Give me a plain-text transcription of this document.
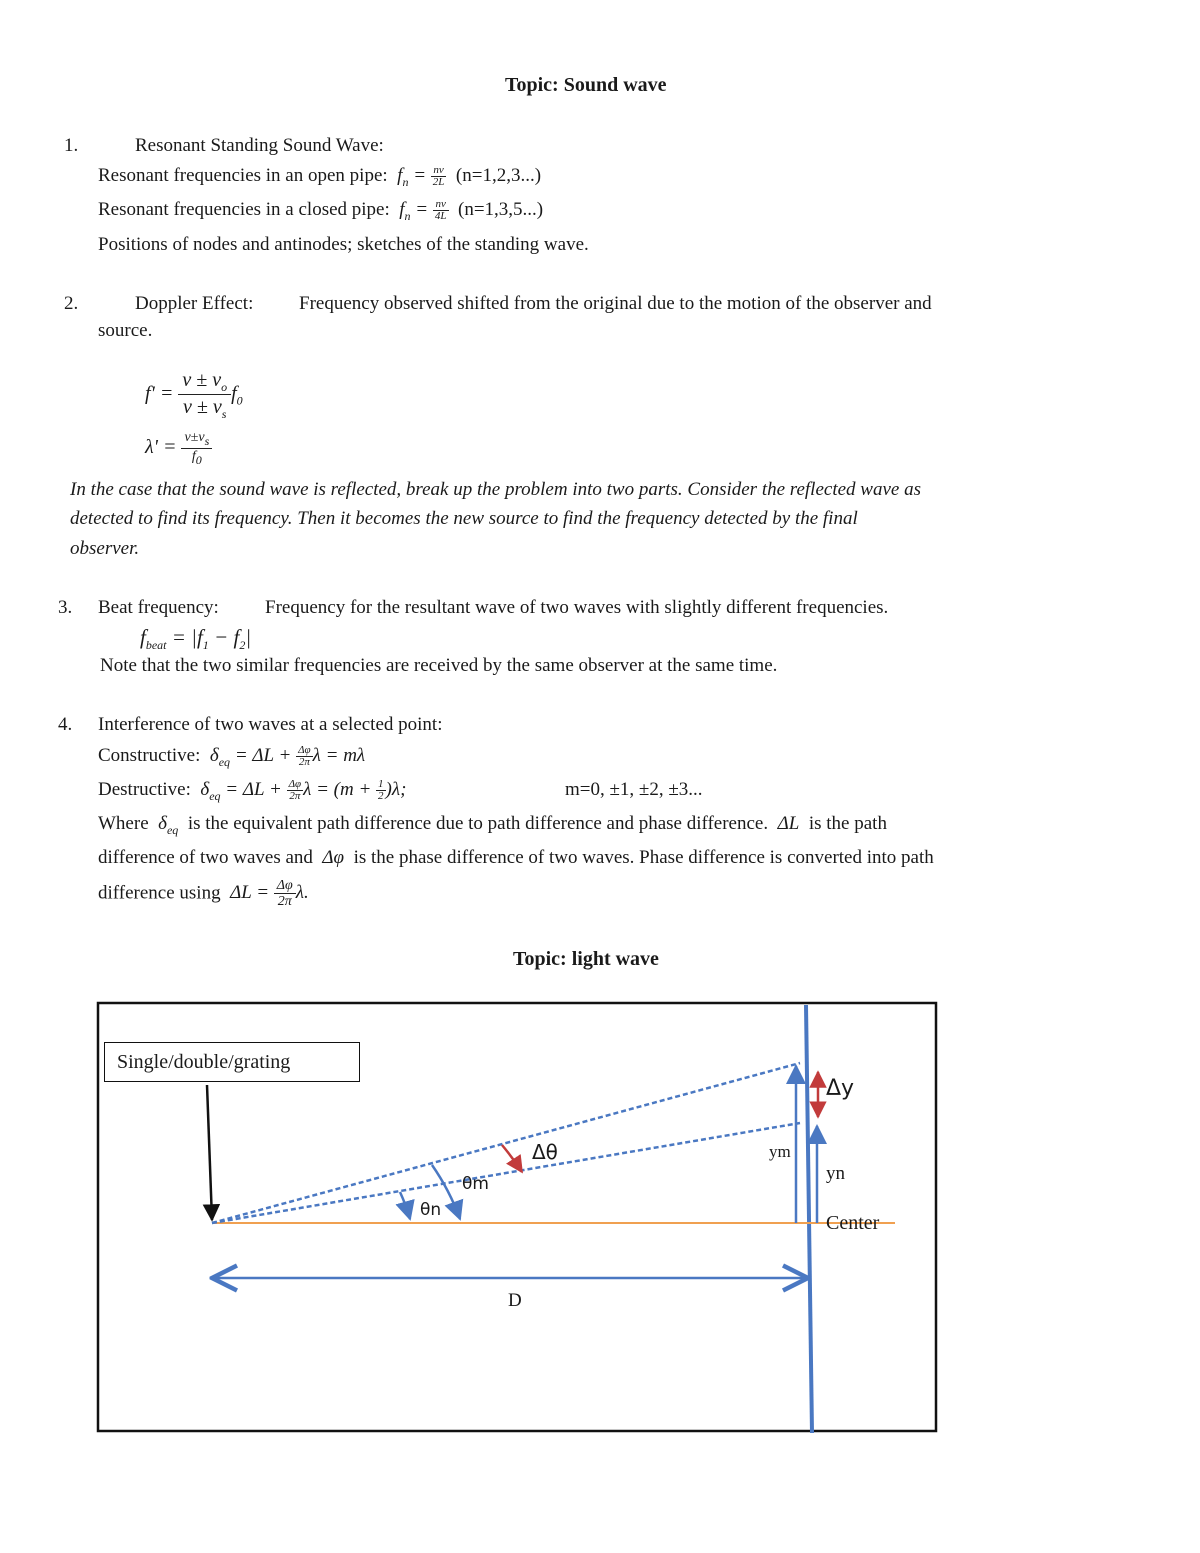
Topic: Sound wave
1.	Resonant Standing Sound Wave:
Resonant frequencies in an open pipe:  $f_n = \frac{nv}{2L} (n=1,2,3...)$
Resonant frequencies in a closed pipe:  $f_n = \frac{nv}{4L} (n=1,3,5...)$
Positions of nodes and antinodes; sketches of the standing wave.
2.	Doppler Effect: Frequency observed shifted from the original due to the motion of the observer and
source.
$f' = \frac{v \pm v_o}{v \pm v_s} f_0$
$\lambda' = \frac{v\pm v_s}{f_0}$
In the case that the sound wave is reflected, break up the problem into two parts. Consider the reflected wave as
detected to find its frequency. Then it becomes the new source to find the frequency detected by the final
observer.
3. Beat frequency: Frequency for the resultant wave of two waves with slightly different frequencies.
$f_{beat} = |f_1 - f_2|$
Note that the two similar frequencies are received by the same observer at the same time.
4. Interference of two waves at a selected point:
Constructive:  $\delta_{eq} = \Delta L + \frac{\Delta\varphi}{2\pi}$ λ = mλ
Destructive:  $\delta_{eq} = \Delta L + \frac{\Delta\varphi}{2\pi}$ $\lambda = (m + \frac{1}{2} )\lambda$;	m=0, ±1, ±2, ±3...
Where  $\delta_{eq}$ is the equivalent path difference due to path difference and phase difference.  ΔL  is the path
difference of two waves and  Δφ  is the phase difference of two waves. Phase difference is converted into path
difference using  $\Delta L = \frac{\Delta\varphi}{2\pi} \lambda$.
Topic: light wave
Single/double/grating
Δy
Δθ
θm
θn
ym
yn
Center
D
